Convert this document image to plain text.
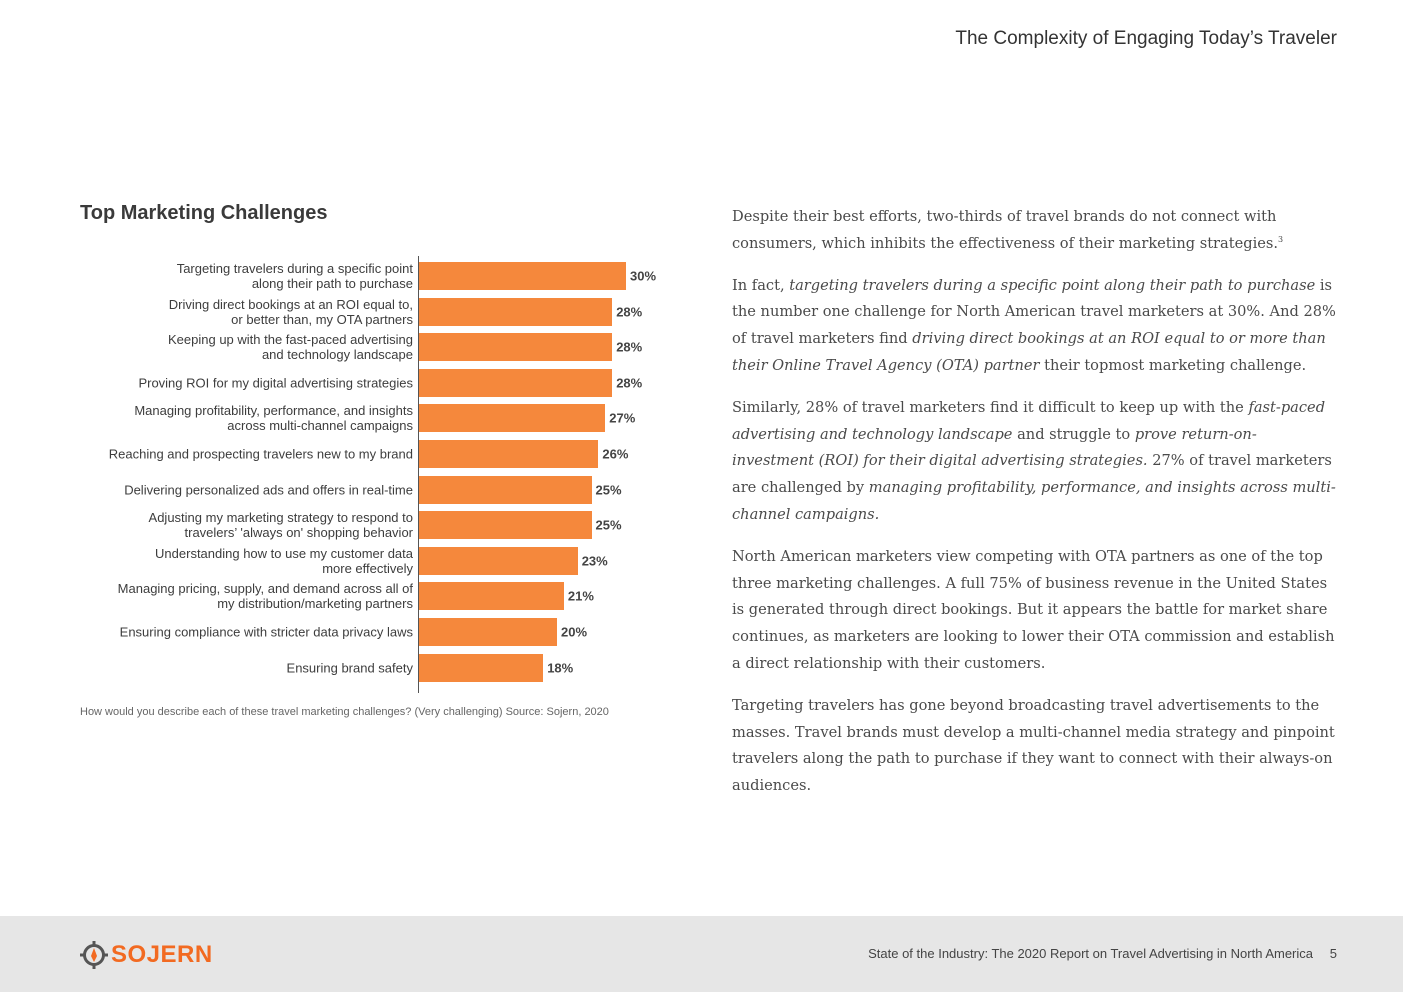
The Complexity of Engaging Today’s Traveler
Top Marketing Challenges
Targeting travelers during a specific point
along their path to purchase	30%
Driving direct bookings at an ROI equal to,
or better than, my OTA partners	28%
Keeping up with the fast-paced advertising
and technology landscape	28%
Proving ROI for my digital advertising strategies	28%
Managing profitability, performance, and insights
across multi-channel campaigns	27%
Reaching and prospecting travelers new to my brand	26%
Delivering personalized ads and offers in real-time	25%
Adjusting my marketing strategy to respond to
travelers’ 'always on' shopping behavior	25%
Understanding how to use my customer data
more effectively	23%
Managing pricing, supply, and demand across all of
my distribution/marketing partners	21%
Ensuring compliance with stricter data privacy laws	20%
Ensuring brand safety	18%
How would you describe each of these travel marketing challenges? (Very challenging) Source: Sojern, 2020

Despite their best efforts, two-thirds of travel brands do not connect with consumers, which inhibits the effectiveness of their marketing strategies.$^3$

In fact, targeting travelers during a specific point along their path to purchase is the number one challenge for North American travel marketers at 30%. And 28% of travel marketers find driving direct bookings at an ROI equal to or more than their Online Travel Agency (OTA) partner their topmost marketing challenge.

Similarly, 28% of travel marketers find it difficult to keep up with the fast-paced advertising and technology landscape and struggle to prove return-on-investment (ROI) for their digital advertising strategies. 27% of travel marketers are challenged by managing profitability, performance, and insights across multi-channel campaigns.

North American marketers view competing with OTA partners as one of the top three marketing challenges. A full 75% of business revenue in the United States is generated through direct bookings. But it appears the battle for market share continues, as marketers are looking to lower their OTA commission and establish a direct relationship with their customers.

Targeting travelers has gone beyond broadcasting travel advertisements to the masses. Travel brands must develop a multi-channel media strategy and pinpoint travelers along the path to purchase if they want to connect with their always-on audiences.

SOJERN	State of the Industry: The 2020 Report on Travel Advertising in North America 5
